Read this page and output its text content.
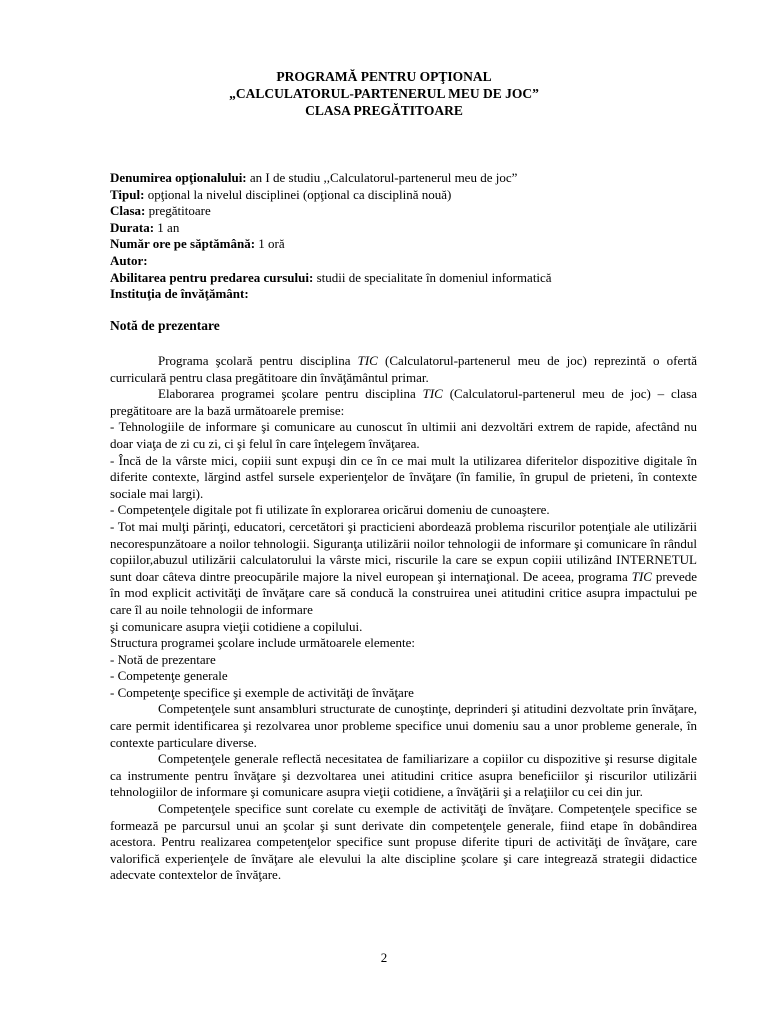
PROGRAMĂ PENTRU OPŢIONAL

„CALCULATORUL-PARTENERUL MEU DE JOC”

CLASA PREGĂTITOARE

Denumirea opţionalului: an I de studiu ,,Calculatorul-partenerul meu de joc”

Tipul: opţional la nivelul disciplinei (opţional ca disciplină nouă)

Clasa: pregătitoare

Durata: 1 an

Număr ore pe săptămână: 1 oră

Autor:

Abilitarea pentru predarea cursului: studii de specialitate în domeniul informatică

Instituţia de învăţământ:

Notă de prezentare

Programa şcolară pentru disciplina TIC (Calculatorul-partenerul meu de joc) reprezintă o ofertă curriculară pentru clasa pregătitoare din învăţământul primar.

Elaborarea programei şcolare pentru disciplina TIC (Calculatorul-partenerul meu de joc) – clasa pregătitoare are la bază următoarele premise:

- Tehnologiile de informare şi comunicare au cunoscut în ultimii ani dezvoltări extrem de rapide, afectând nu doar viaţa de zi cu zi, ci şi felul în care înţelegem învăţarea.

- Încă de la vârste mici, copiii sunt expuşi din ce în ce mai mult la utilizarea diferitelor dispozitive digitale în diferite contexte, lărgind astfel sursele experienţelor de învăţare (în familie, în grupul de prieteni, în contexte sociale mai largi).

- Competenţele digitale pot fi utilizate în explorarea oricărui domeniu de cunoaştere.

- Tot mai mulţi părinţi, educatori, cercetători şi practicieni abordează problema riscurilor potenţiale ale utilizării necorespunzătoare a noilor tehnologii. Siguranţa utilizării noilor tehnologii de informare şi comunicare în rândul copiilor,abuzul utilizării calculatorului la vârste mici, riscurile la care se expun copiii utilizând INTERNETUL sunt doar câteva dintre preocupările majore la nivel european şi internaţional. De aceea, programa TIC prevede în mod explicit activităţi de învăţare care să conducă la construirea unei atitudini critice asupra impactului pe care îl au noile tehnologii de informare

şi comunicare asupra vieţii cotidiene a copilului.

Structura programei şcolare include următoarele elemente:

- Notă de prezentare

- Competenţe generale

- Competenţe specifice şi exemple de activităţi de învăţare

Competenţele sunt ansambluri structurate de cunoştinţe, deprinderi şi atitudini dezvoltate prin învăţare, care permit identificarea şi rezolvarea unor probleme specifice unui domeniu sau a unor probleme generale, în contexte particulare diverse.

Competenţele generale reflectă necesitatea de familiarizare a copiilor cu dispozitive şi resurse digitale ca instrumente pentru învăţare şi dezvoltarea unei atitudini critice asupra beneficiilor şi riscurilor utilizării tehnologiilor de informare şi comunicare asupra vieţii cotidiene, a învăţării şi a relaţiilor cu cei din jur.

Competenţele specifice sunt corelate cu exemple de activităţi de învăţare. Competenţele specifice se formează pe parcursul unui an şcolar şi sunt derivate din competenţele generale, fiind etape în dobândirea acestora. Pentru realizarea competenţelor specifice sunt propuse diferite tipuri de activităţi de învăţare, care valorifică experienţele de învăţare ale elevului la alte discipline şcolare şi care integrează strategii didactice adecvate contextelor de învăţare.

2
